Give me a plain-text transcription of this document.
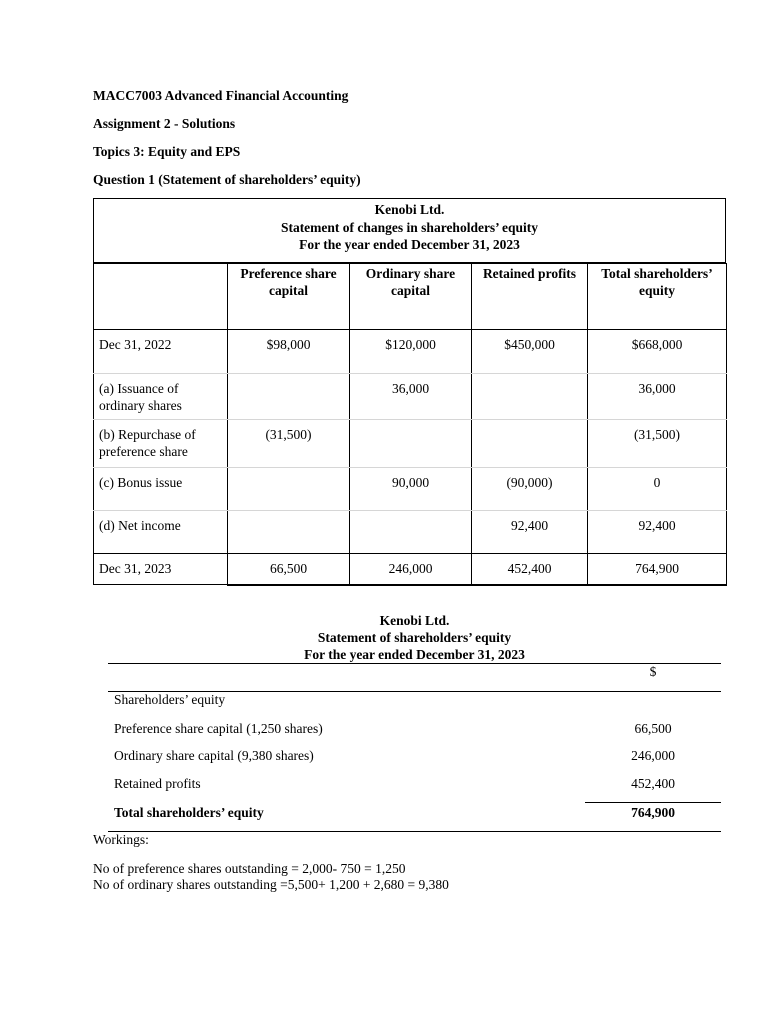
MACC7003 Advanced Financial Accounting
Assignment 2 - Solutions
Topics 3: Equity and EPS
Question 1 (Statement of shareholders’ equity)
Kenobi Ltd.
Statement of changes in shareholders’ equity
For the year ended December 31, 2023
	Preference share capital	Ordinary share capital	Retained profits	Total shareholders’ equity
Dec 31, 2022	$98,000	$120,000	$450,000	$668,000
(a) Issuance of ordinary shares		36,000		36,000
(b) Repurchase of preference share	(31,500)			(31,500)
(c) Bonus issue		90,000	(90,000)	0
(d) Net income			92,400	92,400
Dec 31, 2023	66,500	246,000	452,400	764,900
Kenobi Ltd.
Statement of shareholders’ equity
For the year ended December 31, 2023
$
Shareholders’ equity
Preference share capital (1,250 shares)	66,500
Ordinary share capital (9,380 shares)	246,000
Retained profits	452,400
Total shareholders’ equity	764,900
Workings:
No of preference shares outstanding = 2,000- 750 = 1,250
No of ordinary shares outstanding =5,500+ 1,200 + 2,680 = 9,380
